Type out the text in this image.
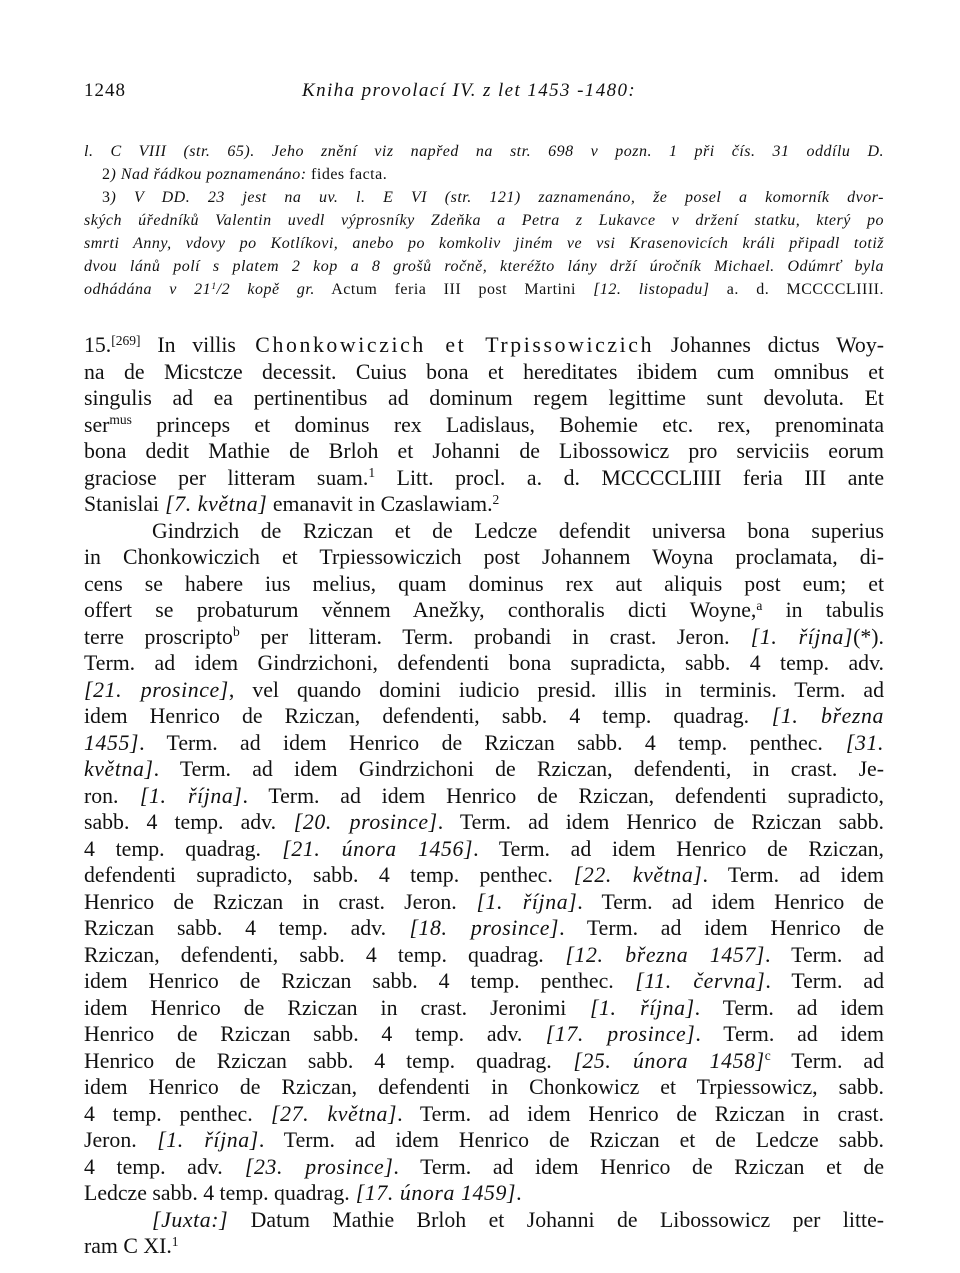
1248	Kniha provolací IV. z let 1453 -1480:
l. C VIII (str. 65). Jeho znění viz napřed na str. 698 v pozn. 1 při čís. 31 oddílu D.
2) Nad řádkou poznamenáno: fides facta.
3) V DD. 23 jest na uv. l. E VI (str. 121) zaznamenáno, že posel a komorník dvor-
ských úředníků Valentin uvedl výprosníky Zdeňka a Petra z Lukavce v držení statku, který po
smrti Anny, vdovy po Kotlíkovi, anebo po komkoliv jiném ve vsi Krasenovicích králi připadl totiž
dvou lánů polí s platem 2 kop a 8 grošů ročně, kteréžto lány drží úročník Michael. Odúmrť byla
odhádána v $21^1/2$ kopě gr. Actum feria III post Martini [12. listopadu] a. d. MCCCCLIIII.
15.[269] In villis Chonkowiczich et Trpissowiczich Johannes dictus Woy-
na de Micstcze decessit. Cuius bona et hereditates ibidem cum omnibus et
singulis ad ea pertinentibus ad dominum regem legittime sunt devoluta. Et
ser$^{mus}$ princeps et dominus rex Ladislaus, Bohemie etc. rex, prenominata
bona dedit Mathie de Brloh et Johanni de Libossowicz pro serviciis eorum
graciose per litteram suam.$^1$ Litt. procl. a. d. MCCCCLIIII feria III ante
Stanislai [7. května] emanavit in Czaslawiam.$^2$
Gindrzich de Rziczan et de Ledcze defendit universa bona superius
in Chonkowiczich et Trpiessowiczich post Johannem Woyna proclamata, di-
cens se habere ius melius, quam dominus rex aut aliquis post eum; et
offert se probaturum věnnem Anežky, conthoralis dicti Woyne,$^a$ in tabulis
terre proscripto$^b$ per litteram. Term. probandi in crast. Jeron. [1. října](*).
Term. ad idem Gindrzichoni, defendenti bona supradicta, sabb. 4 temp. adv.
[21. prosince], vel quando domini iudicio presid. illis in terminis. Term. ad
idem Henrico de Rziczan, defendenti, sabb. 4 temp. quadrag. [1. března
1455]. Term. ad idem Henrico de Rziczan sabb. 4 temp. penthec. [31.
května]. Term. ad idem Gindrzichoni de Rziczan, defendenti, in crast. Je-
ron. [1. října]. Term. ad idem Henrico de Rziczan, defendenti supradicto,
sabb. 4 temp. adv. [20. prosince]. Term. ad idem Henrico de Rziczan sabb.
4 temp. quadrag. [21. února 1456]. Term. ad idem Henrico de Rziczan,
defendenti supradicto, sabb. 4 temp. penthec. [22. května]. Term. ad idem
Henrico de Rziczan in crast. Jeron. [1. října]. Term. ad idem Henrico de
Rziczan sabb. 4 temp. adv. [18. prosince]. Term. ad idem Henrico de
Rziczan, defendenti, sabb. 4 temp. quadrag. [12. března 1457]. Term. ad
idem Henrico de Rziczan sabb. 4 temp. penthec. [11. června]. Term. ad
idem Henrico de Rziczan in crast. Jeronimi [1. října]. Term. ad idem
Henrico de Rziczan sabb. 4 temp. adv. [17. prosince]. Term. ad idem
Henrico de Rziczan sabb. 4 temp. quadrag. [25. února 1458]$^c$ Term. ad
idem Henrico de Rziczan, defendenti in Chonkowicz et Trpiessowicz, sabb.
4 temp. penthec. [27. května]. Term. ad idem Henrico de Rziczan in crast.
Jeron. [1. října]. Term. ad idem Henrico de Rziczan et de Ledcze sabb.
4 temp. adv. [23. prosince]. Term. ad idem Henrico de Rziczan et de
Ledcze sabb. 4 temp. quadrag. [17. února 1459].
[Juxta:] Datum Mathie Brloh et Johanni de Libossowicz per litte-
ram C XI.$^1$
